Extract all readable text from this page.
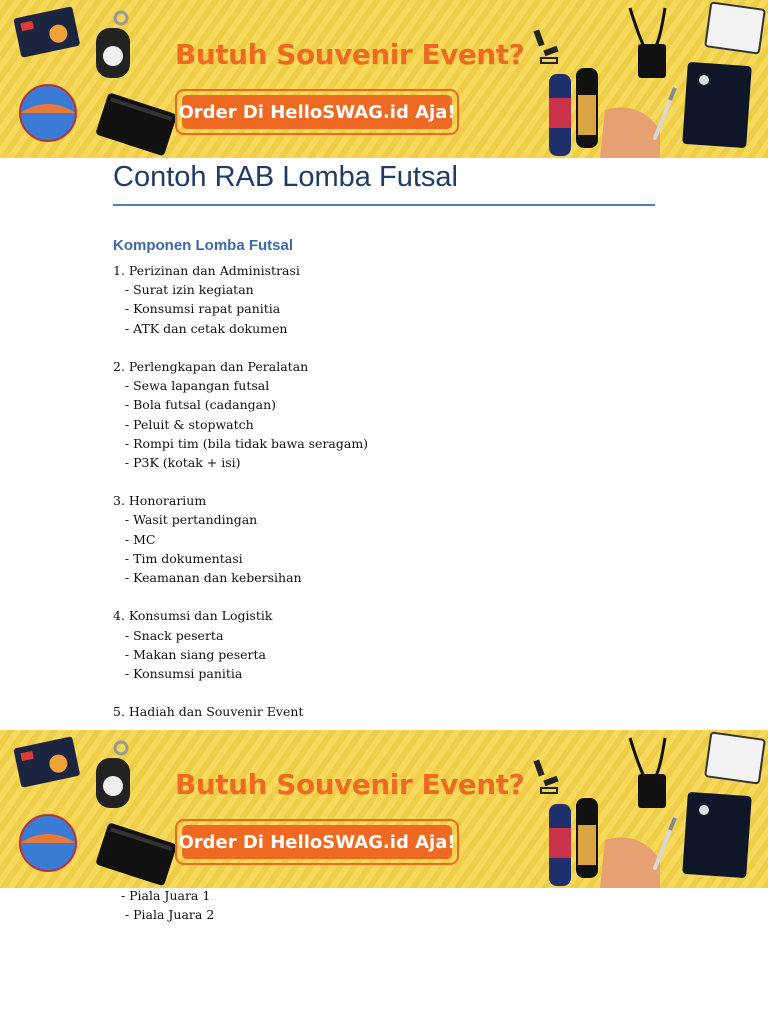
Butuh Souvenir Event?
Order Di HelloSWAG.id Aja!
Contoh RAB Lomba Futsal
Komponen Lomba Futsal
1. Perizinan dan Administrasi
- Surat izin kegiatan
- Konsumsi rapat panitia
- ATK dan cetak dokumen
2. Perlengkapan dan Peralatan
- Sewa lapangan futsal
- Bola futsal (cadangan)
- Peluit & stopwatch
- Rompi tim (bila tidak bawa seragam)
- P3K (kotak + isi)
3. Honorarium
- Wasit pertandingan
- MC
- Tim dokumentasi
- Keamanan dan kebersihan
4. Konsumsi dan Logistik
- Snack peserta
- Makan siang peserta
- Konsumsi panitia
5. Hadiah dan Souvenir Event
Butuh Souvenir Event?
Order Di HelloSWAG.id Aja!
- Piala Juara 1
- Piala Juara 2
